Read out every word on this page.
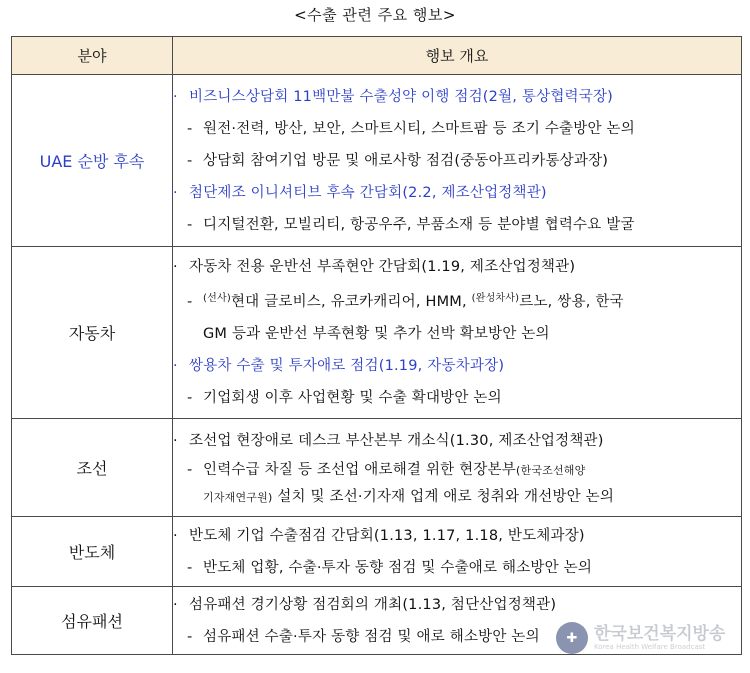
<수출 관련 주요 행보>
분야	행보 개요
UAE 순방 후속	· 비즈니스상담회 11백만불 수출성약 이행 점검(2월, 통상협력국장)
- 원전·전력, 방산, 보안, 스마트시티, 스마트팜 등 조기 수출방안 논의
- 상담회 참여기업 방문 및 애로사항 점검(중동아프리카통상과장)
· 첨단제조 이니셔티브 후속 간담회(2.2, 제조산업정책관)
- 디지털전환, 모빌리티, 항공우주, 부품소재 등 분야별 협력수요 발굴

자동차	· 자동차 전용 운반선 부족현안 간담회(1.19, 제조산업정책관)
- $^{(선사)}$현대 글로비스, 유코카캐리어, HMM, $^{(완성차사)}$르노, 쌍용, 한국
GM 등과 운반선 부족현황 및 추가 선박 확보방안 논의
· 쌍용차 수출 및 투자애로 점검(1.19, 자동차과장)
- 기업회생 이후 사업현황 및 수출 확대방안 논의

조선	· 조선업 현장애로 데스크 부산본부 개소식(1.30, 제조산업정책관)
- 인력수급 차질 등 조선업 애로해결 위한 현장본부(한국조선해양
기자재연구원) 설치 및 조선·기자재 업계 애로 청취와 개선방안 논의

반도체	· 반도체 기업 수출점검 간담회(1.13, 1.17, 1.18, 반도체과장)
- 반도체 업황, 수출·투자 동향 점검 및 수출애로 해소방안 논의

섬유패션	· 섬유패션 경기상황 점검회의 개최(1.13, 첨단산업정책관)
- 섬유패션 수출·투자 동향 점검 및 애로 해소방안 논의	✚ 한국보건복지방송
Korea Health Welfare Broadcast
